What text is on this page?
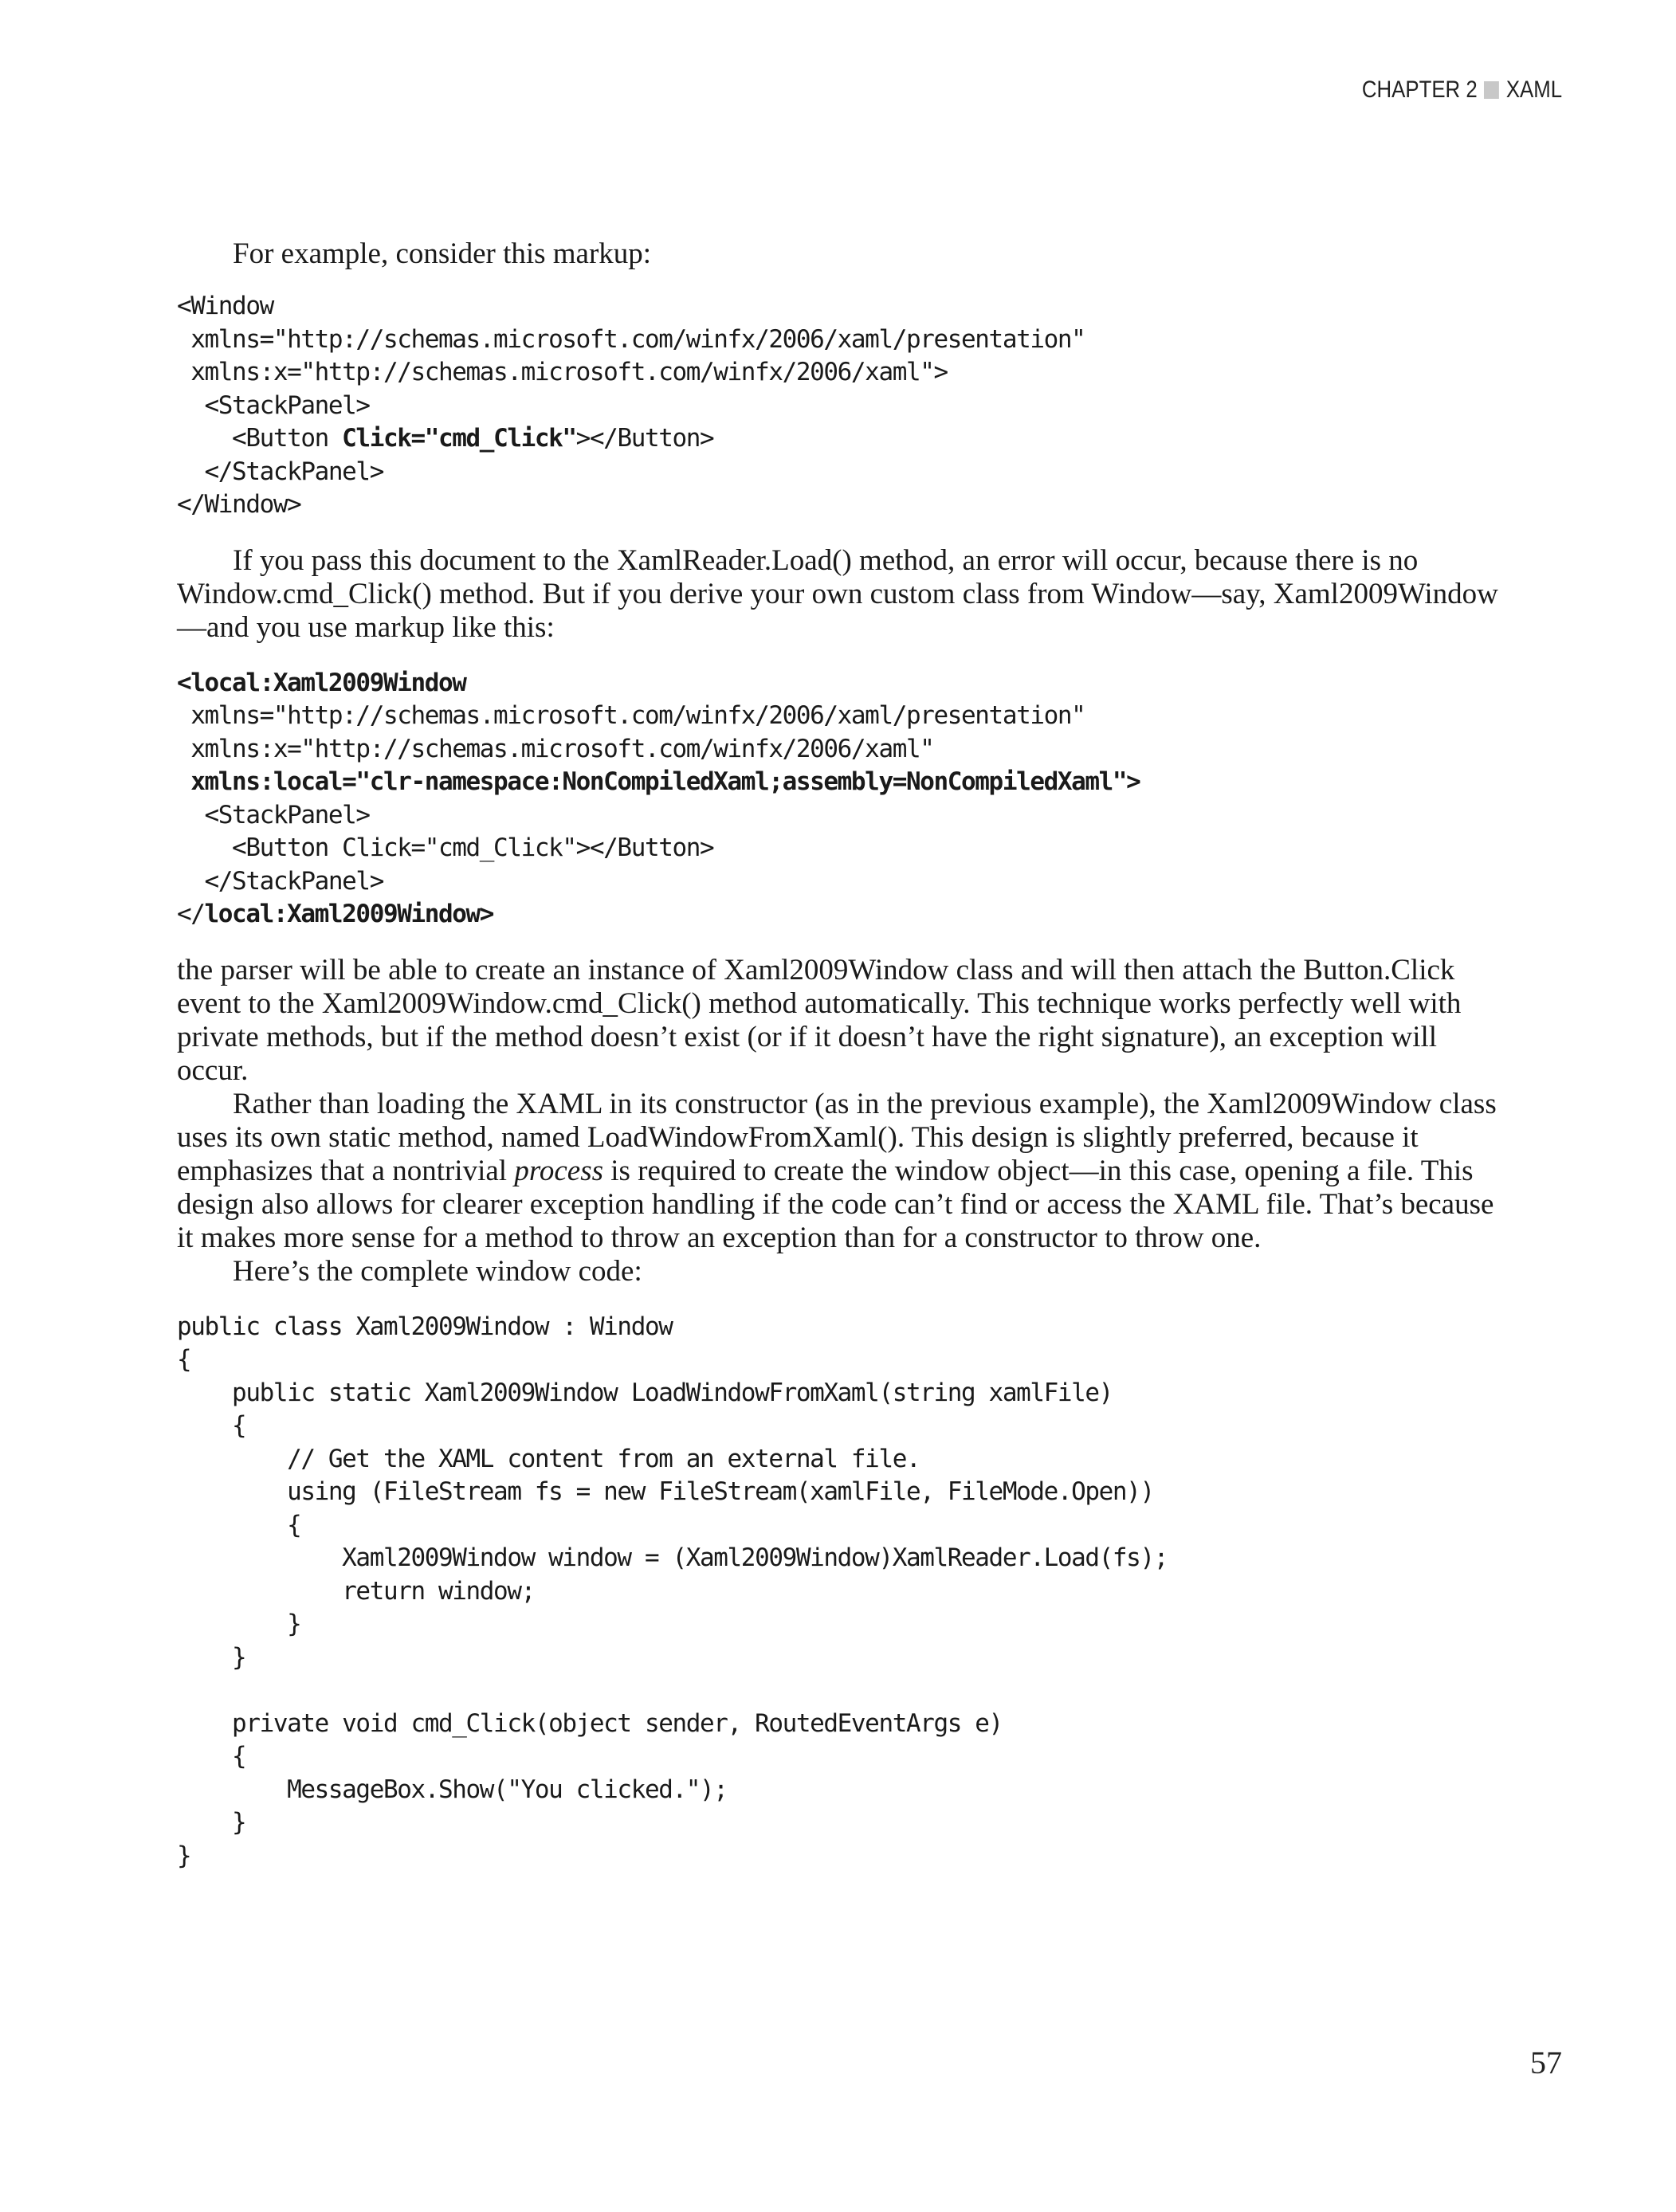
CHAPTER 2 XAML

For example, consider this markup:

<Window
xmlns="http://schemas.microsoft.com/winfx/2006/xaml/presentation"
xmlns:x="http://schemas.microsoft.com/winfx/2006/xaml">
<StackPanel>
<Button Click="cmd_Click"></Button>
</StackPanel>
</Window>

If you pass this document to the XamlReader.Load() method, an error will occur, because there is no Window.cmd_Click() method. But if you derive your own custom class from Window—say, Xaml2009Window—and you use markup like this:

<local:Xaml2009Window
xmlns="http://schemas.microsoft.com/winfx/2006/xaml/presentation"
xmlns:x="http://schemas.microsoft.com/winfx/2006/xaml"
xmlns:local="clr-namespace:NonCompiledXaml;assembly=NonCompiledXaml">
<StackPanel>
<Button Click="cmd_Click"></Button>
</StackPanel>
</local:Xaml2009Window>

the parser will be able to create an instance of Xaml2009Window class and will then attach the Button.Click event to the Xaml2009Window.cmd_Click() method automatically. This technique works perfectly well with private methods, but if the method doesn’t exist (or if it doesn’t have the right signature), an exception will occur.

Rather than loading the XAML in its constructor (as in the previous example), the Xaml2009Window class uses its own static method, named LoadWindowFromXaml(). This design is slightly preferred, because it emphasizes that a nontrivial process is required to create the window object—in this case, opening a file. This design also allows for clearer exception handling if the code can’t find or access the XAML file. That’s because it makes more sense for a method to throw an exception than for a constructor to throw one.

Here’s the complete window code:

public class Xaml2009Window : Window
{
public static Xaml2009Window LoadWindowFromXaml(string xamlFile)
{
// Get the XAML content from an external file.
using (FileStream fs = new FileStream(xamlFile, FileMode.Open))
{
Xaml2009Window window = (Xaml2009Window)XamlReader.Load(fs);
return window;
}
}
private void cmd_Click(object sender, RoutedEventArgs e)
{
MessageBox.Show("You clicked.");
}
}
57
